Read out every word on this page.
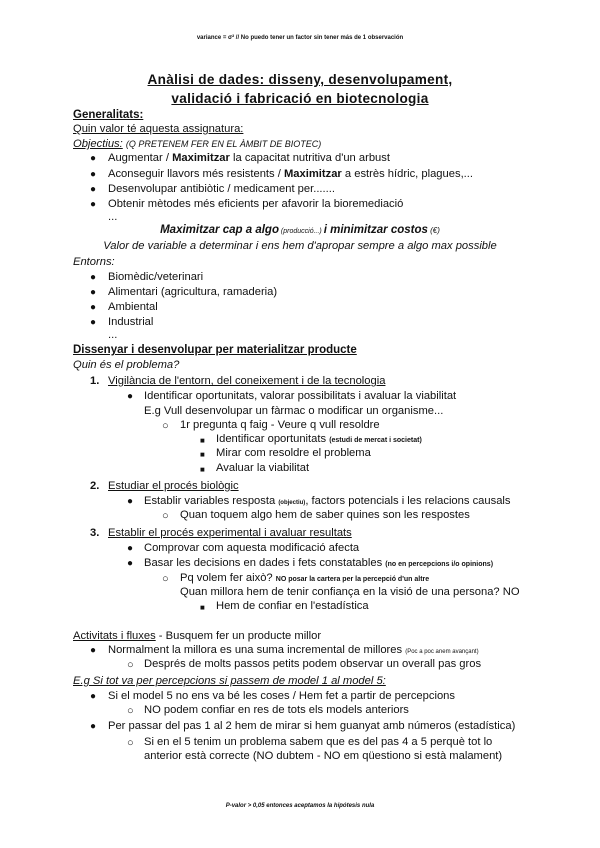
variance = σ² // No puedo tener un factor sin tener más de 1 observación
Anàlisi de dades: disseny, desenvolupament,
validació i fabricació en biotecnologia
Generalitats:
Quin valor té aquesta assignatura:
Objectius: (Q PRETENEM FER EN EL ÀMBIT DE BIOTEC)
● Augmentar / Maximitzar la capacitat nutritiva d'un arbust
● Aconseguir llavors més resistents / Maximitzar a estrès hídric, plagues,...
● Desenvolupar antibiòtic / medicament per.......
● Obtenir mètodes més eficients per afavorir la bioremediació
...
Maximitzar cap a algo (producció...) i minimitzar costos (€)
Valor de variable a determinar i ens hem d'apropar sempre a algo max possible
Entorns:
● Biomèdic/veterinari
● Alimentari (agricultura, ramaderia)
● Ambiental
● Industrial
...
Dissenyar i desenvolupar per materialitzar producte
Quin és el problema?
1. Vigilància de l'entorn, del coneixement i de la tecnologia
● Identificar oportunitats, valorar possibilitats i avaluar la viabilitat
E.g Vull desenvolupar un fàrmac o modificar un organisme...
○ 1r pregunta q faig - Veure q vull resoldre
■ Identificar oportunitats (estudi de mercat i societat)
■ Mirar com resoldre el problema
■ Avaluar la viabilitat
2. Estudiar el procés biològic
● Establir variables resposta (objectiu), factors potencials i les relacions causals
○ Quan toquem algo hem de saber quines son les respostes
3. Establir el procés experimental i avaluar resultats
● Comprovar com aquesta modificació afecta
● Basar les decisions en dades i fets constatables (no en percepcions i/o opinions)
○ Pq volem fer això? NO posar la cartera per la percepció d'un altre
Quan millora hem de tenir confiança en la visió de una persona? NO
■ Hem de confiar en l'estadística
Activitats i fluxes - Busquem fer un producte millor
● Normalment la millora es una suma incremental de millores (Poc a poc anem avançant)
○ Després de molts passos petits podem observar un overall pas gros
E.g Si tot va per percepcions si passem de model 1 al model 5:
● Si el model 5 no ens va bé les coses / Hem fet a partir de percepcions
○ NO podem confiar en res de tots els models anteriors
● Per passar del pas 1 al 2 hem de mirar si hem guanyat amb números (estadística)
○ Si en el 5 tenim un problema sabem que es del pas 4 a 5 perquè tot lo
anterior està correcte (NO dubtem - NO em qüestiono si està malament)
P-valor > 0,05 entonces aceptamos la hipótesis nula
